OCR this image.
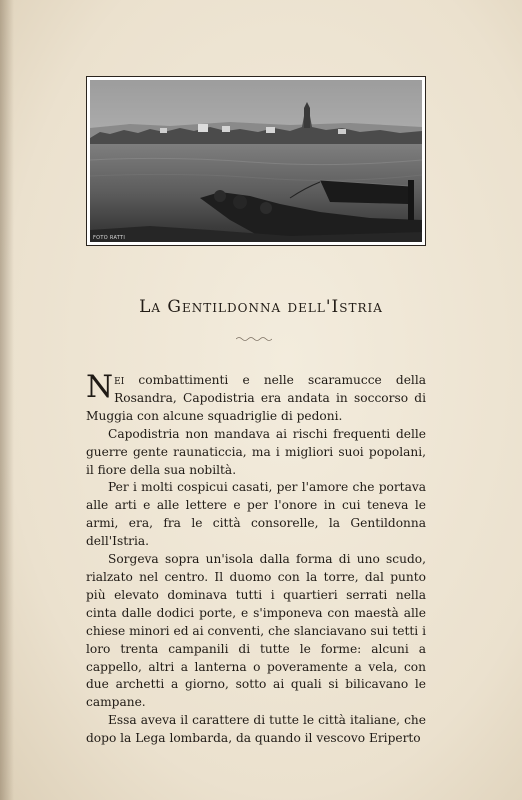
FOTO RATTI
La Gentildonna dell'Istria

Nei combattimenti e nelle scaramucce della Rosandra, Capodistria era andata in soccorso di Muggia con alcune squadriglie di pedoni.

Capodistria non mandava ai rischi frequenti delle guerre gente raunaticcia, ma i migliori suoi popolani, il fiore della sua nobiltà.

Per i molti cospicui casati, per l'amore che portava alle arti e alle lettere e per l'onore in cui teneva le armi, era, fra le città consorelle, la Gentildonna dell'Istria.

Sorgeva sopra un'isola dalla forma di uno scudo, rialzato nel centro. Il duomo con la torre, dal punto più elevato dominava tutti i quartieri serrati nella cinta dalle dodici porte, e s'imponeva con maestà alle chiese minori ed ai conventi, che slanciavano sui tetti i loro trenta campanili di tutte le forme: alcuni a cappello, altri a lanterna o poveramente a vela, con due archetti a giorno, sotto ai quali si bilicavano le campane.

Essa aveva il carattere di tutte le città italiane, che dopo la Lega lombarda, da quando il vescovo Eriperto
